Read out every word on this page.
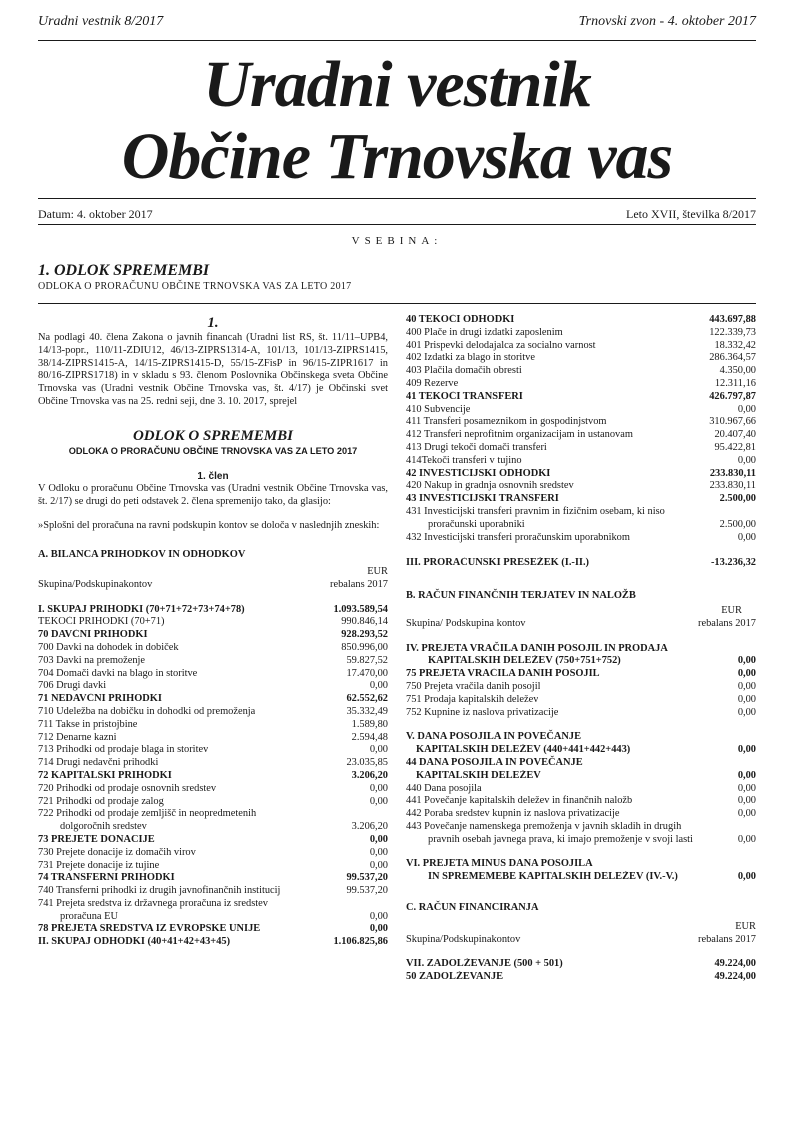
Uradni vestnik 8/2017	Trnovski zvon - 4. oktober 2017
Uradni vestnik
Občine Trnovska vas
Datum: 4. oktober 2017	Leto XVII, številka 8/2017
VSEBINA:
1. ODLOK SPREMEMBI
ODLOKA O PRORAČUNU OBČINE TRNOVSKA VAS ZA LETO 2017
1.

Na podlagi 40. člena Zakona o javnih financah (Uradni list RS, št. 11/11–UPB4, 14/13-popr., 110/11-ZDIU12, 46/13-ZIPRS1314-A, 101/13, 101/13-ZIPRS1415, 38/14-ZIPRS1415-A, 14/15-ZIPRS1415-D, 55/15-ZFisP in 96/15-ZIPR1617 in 80/16-ZIPRS1718) in v skladu s 93. členom Poslovnika Občinskega sveta Občine Trnovska vas (Uradni vestnik Občine Trnovska vas, št. 4/17) je Občinski svet Občine Trnovska vas na 25. redni seji, dne 3. 10. 2017, sprejel

ODLOK O SPREMEMBI
ODLOKA O PRORAČUNU OBČINE TRNOVSKA VAS ZA LETO 2017
1. člen

V Odloku o proračunu Občine Trnovska vas (Uradni vestnik Občine Trnovska vas, št. 2/17) se drugi do peti odstavek 2. člena spremenijo tako, da glasijo:

»Splošni del proračuna na ravni podskupin kontov se določa v naslednjih zneskih:

A. BILANCA PRIHODKOV IN ODHODKOV
EUR
Skupina/Podskupinakontov	rebalans 2017
I. SKUPAJ PRIHODKI (70+71+72+73+74+78)	1.093.589,54
TEKOČI PRIHODKI (70+71)	990.846,14
70 DAVČNI PRIHODKI	928.293,52
700 Davki na dohodek in dobiček	850.996,00
703 Davki na premoženje	59.827,52
704 Domači davki na blago in storitve	17.470,00
706 Drugi davki	0,00
71 NEDAVČNI PRIHODKI	62.552,62
710 Udeležba na dobičku in dohodki od premoženja	35.332,49
711 Takse in pristojbine	1.589,80
712 Denarne kazni	2.594,48
713 Prihodki od prodaje blaga in storitev	0,00
714 Drugi nedavčni prihodki	23.035,85
72 KAPITALSKI PRIHODKI	3.206,20
720 Prihodki od prodaje osnovnih sredstev	0,00
721 Prihodki od prodaje zalog	0,00
722 Prihodki od prodaje zemljišč in neopredmetenih
dolgoročnih sredstev	3.206,20
73 PREJETE DONACIJE	0,00
730 Prejete donacije iz domačih virov	0,00
731 Prejete donacije iz tujine	0,00
74 TRANSFERNI PRIHODKI	99.537,20
740 Transferni prihodki iz drugih javnofinančnih institucij	99.537,20
741 Prejeta sredstva iz državnega proračuna iz sredstev
proračuna EU	0,00
78 PREJETA SREDSTVA IZ EVROPSKE UNIJE	0,00
II. SKUPAJ ODHODKI (40+41+42+43+45)	1.106.825,86
40 TEKOČI ODHODKI	443.697,88
400 Plače in drugi izdatki zaposlenim	122.339,73
401 Prispevki delodajalca za socialno varnost	18.332,42
402 Izdatki za blago in storitve	286.364,57
403 Plačila domačih obresti	4.350,00
409 Rezerve	12.311,16
41 TEKOČI TRANSFERI	426.797,87
410 Subvencije	0,00
411 Transferi posameznikom in gospodinjstvom	310.967,66
412 Transferi neprofitnim organizacijam in ustanovam	20.407,40
413 Drugi tekoči domači transferi	95.422,81
414Tekoči transferi v tujino	0,00
42 INVESTICIJSKI ODHODKI	233.830,11
420 Nakup in gradnja osnovnih sredstev	233.830,11
43 INVESTICIJSKI TRANSFERI	2.500,00
431 Investicijski transferi pravnim in fizičnim osebam, ki niso
proračunski uporabniki	2.500,00
432 Investicijski transferi proračunskim uporabnikom	0,00
III. PRORAČUNSKI PRESEŽEK (I.-II.)	-13.236,32
B. RAČUN FINANČNIH TERJATEV IN NALOŽB
EUR
Skupina/ Podskupina kontov	rebalans 2017
IV. PREJETA VRAČILA DANIH POSOJIL IN PRODAJA
KAPITALSKIH DELEŽEV (750+751+752)	0,00
75 PREJETA VRAČILA DANIH POSOJIL	0,00
750 Prejeta vračila danih posojil	0,00
751 Prodaja kapitalskih deležev	0,00
752 Kupnine iz naslova privatizacije	0,00
V. DANA POSOJILA IN POVEČANJE
KAPITALSKIH DELEŽEV (440+441+442+443)	0,00
44 DANA POSOJILA IN POVEČANJE
KAPITALSKIH DELEŽEV	0,00
440 Dana posojila	0,00
441 Povečanje kapitalskih deležev in finančnih naložb	0,00
442 Poraba sredstev kupnin iz naslova privatizacije	0,00
443 Povečanje namenskega premoženja v javnih skladih in drugih
pravnih osebah javnega prava, ki imajo premoženje v svoji lasti	0,00
VI. PREJETA MINUS DANA POSOJILA
IN SPREMEMEBE KAPITALSKIH DELEŽEV (IV.-V.)	0,00
C. RAČUN FINANCIRANJA
EUR
Skupina/Podskupinakontov	rebalans 2017
VII. ZADOLŽEVANJE (500 + 501)	49.224,00
50 ZADOLŽEVANJE	49.224,00
